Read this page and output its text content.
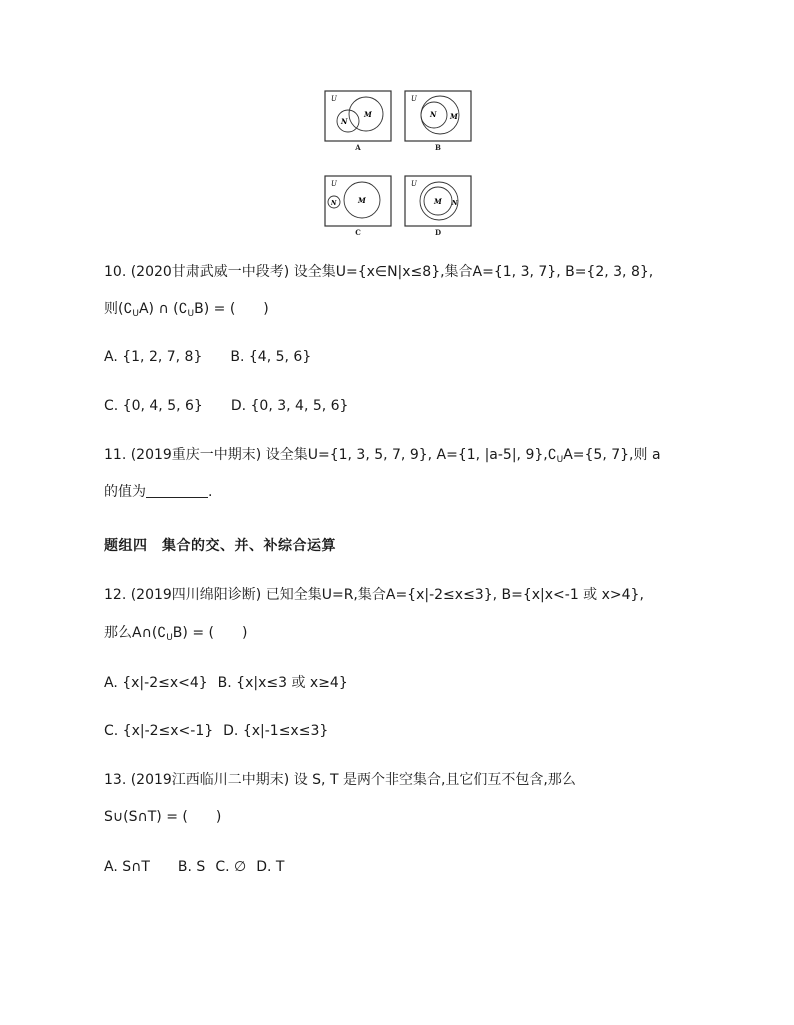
U
M
N
A
U
N M
B
U
M
N
C
U
M N
D
10. (2020甘肃武威一中段考) 设全集U={x∈N|x≤8},集合A={1, 3, 7}, B={2, 3, 8},
则$(∁_UA)$ ∩ $(∁_UB)$ = (　　)
A. {1, 2, 7, 8} B. {4, 5, 6}
C. {0, 4, 5, 6} D. {0, 3, 4, 5, 6}
11. (2019重庆一中期末) 设全集U={1, 3, 5, 7, 9}, A={1, |a-5|, $9\},∁_UA=\{5$, 7},则 a
的值为	.
题组四　集合的交、并、补综合运算
12. (2019四川绵阳诊断) 已知全集U=R,集合A={x|-2≤x≤3}, B={x|x<-1 或 x>4},
那么$A\cap(∁_UB)$ = (　　)
A. {x|-2≤x<4} B. {x|x≤3 或 x≥4}
C. {x|-2≤x<-1} D. {x|-1≤x≤3}
13. (2019江西临川二中期末) 设 S, T 是两个非空集合,且它们互不包含,那么
S∪(S∩T) = (　　)
A. S∩T B. S C. ∅ D. T
